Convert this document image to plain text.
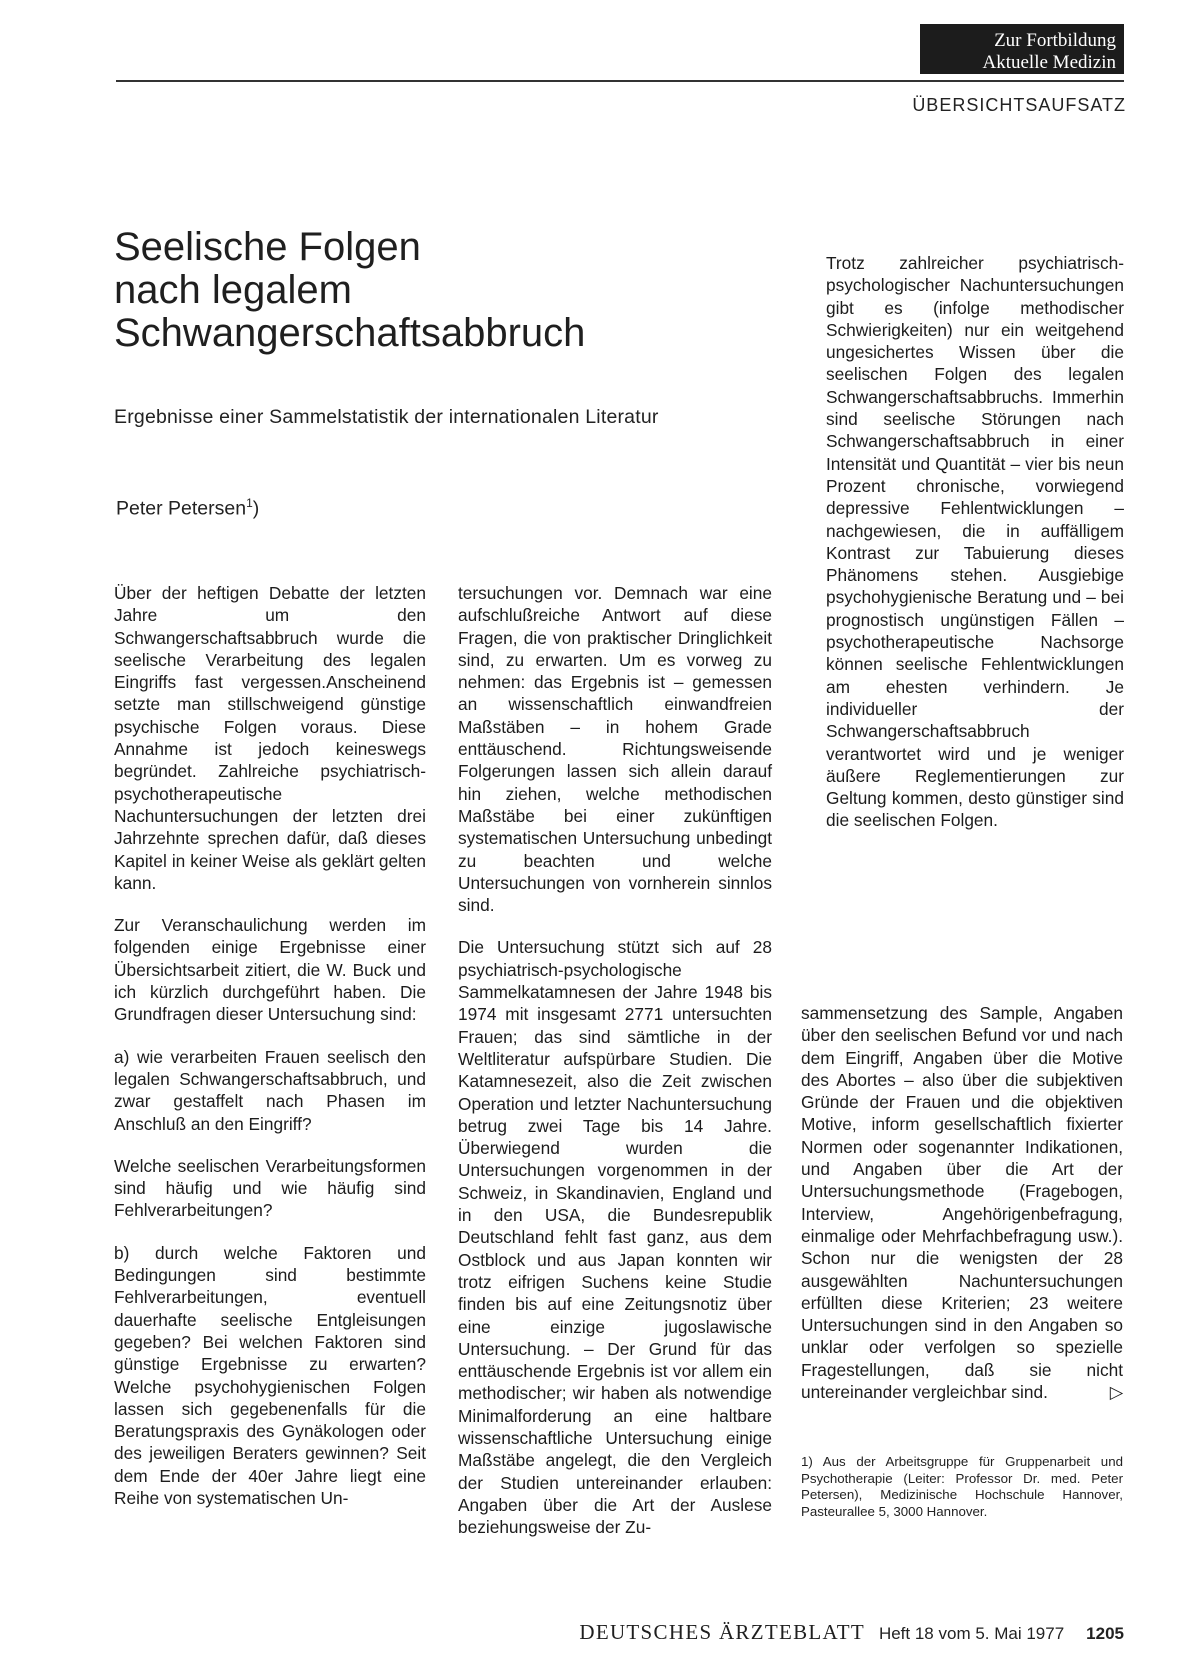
Zur Fortbildung
Aktuelle Medizin
ÜBERSICHTSAUFSATZ
Seelische Folgen
nach legalem
Schwangerschaftsabbruch
Ergebnisse einer Sammelstatistik der internationalen Literatur
Peter Petersen$^1$)

Über der heftigen Debatte der letzten Jahre um den Schwangerschaftsabbruch wurde die seelische Verarbeitung des legalen Eingriffs fast vergessen.Anscheinend setzte man stillschweigend günstige psychische Folgen voraus. Diese Annahme ist jedoch keineswegs begründet. Zahlreiche psychiatrisch-psychotherapeutische Nachuntersuchungen der letzten drei Jahrzehnte sprechen dafür, daß dieses Kapitel in keiner Weise als geklärt gelten kann.

Zur Veranschaulichung werden im folgenden einige Ergebnisse einer Übersichtsarbeit zitiert, die W. Buck und ich kürzlich durchgeführt haben. Die Grundfragen dieser Untersuchung sind:

a) wie verarbeiten Frauen seelisch den legalen Schwangerschaftsabbruch, und zwar gestaffelt nach Phasen im Anschluß an den Eingriff?

Welche seelischen Verarbeitungsformen sind häufig und wie häufig sind Fehlverarbeitungen?

b) durch welche Faktoren und Bedingungen sind bestimmte Fehlverarbeitungen, eventuell dauerhafte seelische Entgleisungen gegeben? Bei welchen Faktoren sind günstige Ergebnisse zu erwarten? Welche psychohygienischen Folgen lassen sich gegebenenfalls für die Beratungspraxis des Gynäkologen oder des jeweiligen Beraters gewinnen? Seit dem Ende der 40er Jahre liegt eine Reihe von systematischen Un-

tersuchungen vor. Demnach war eine aufschlußreiche Antwort auf diese Fragen, die von praktischer Dringlichkeit sind, zu erwarten. Um es vorweg zu nehmen: das Ergebnis ist – gemessen an wissenschaftlich einwandfreien Maßstäben – in hohem Grade enttäuschend. Richtungsweisende Folgerungen lassen sich allein darauf hin ziehen, welche methodischen Maßstäbe bei einer zukünftigen systematischen Untersuchung unbedingt zu beachten und welche Untersuchungen von vornherein sinnlos sind.

Die Untersuchung stützt sich auf 28 psychiatrisch-psychologische Sammelkatamnesen der Jahre 1948 bis 1974 mit insgesamt 2771 untersuchten Frauen; das sind sämtliche in der Weltliteratur aufspürbare Studien. Die Katamnesezeit, also die Zeit zwischen Operation und letzter Nachuntersuchung betrug zwei Tage bis 14 Jahre. Überwiegend wurden die Untersuchungen vorgenommen in der Schweiz, in Skandinavien, England und in den USA, die Bundesrepublik Deutschland fehlt fast ganz, aus dem Ostblock und aus Japan konnten wir trotz eifrigen Suchens keine Studie finden bis auf eine Zeitungsnotiz über eine einzige jugoslawische Untersuchung. – Der Grund für das enttäuschende Ergebnis ist vor allem ein methodischer; wir haben als notwendige Minimalforderung an eine haltbare wissenschaftliche Untersuchung einige Maßstäbe angelegt, die den Vergleich der Studien untereinander erlauben: Angaben über die Art der Auslese beziehungsweise der Zu-

Trotz zahlreicher psychiatrisch-psychologischer Nachuntersuchungen gibt es (infolge methodischer Schwierigkeiten) nur ein weitgehend ungesichertes Wissen über die seelischen Folgen des legalen Schwangerschaftsabbruchs. Immerhin sind seelische Störungen nach Schwangerschaftsabbruch in einer Intensität und Quantität – vier bis neun Prozent chronische, vorwiegend depressive Fehlentwicklungen – nachgewiesen, die in auffälligem Kontrast zur Tabuierung dieses Phänomens stehen. Ausgiebige psychohygienische Beratung und – bei prognostisch ungünstigen Fällen – psychotherapeutische Nachsorge können seelische Fehlentwicklungen am ehesten verhindern. Je individueller der Schwangerschaftsabbruch verantwortet wird und je weniger äußere Reglementierungen zur Geltung kommen, desto günstiger sind die seelischen Folgen.

sammensetzung des Sample, Angaben über den seelischen Befund vor und nach dem Eingriff, Angaben über die Motive des Abortes – also über die subjektiven Gründe der Frauen und die objektiven Motive, inform gesellschaftlich fixierter Normen oder sogenannter Indikationen, und Angaben über die Art der Untersuchungsmethode (Fragebogen, Interview, Angehörigenbefragung, einmalige oder Mehrfachbefragung usw.). Schon nur die wenigsten der 28 ausgewählten Nachuntersuchungen erfüllten diese Kriterien; 23 weitere Untersuchungen sind in den Angaben so unklar oder verfolgen so spezielle Fragestellungen, daß sie nicht untereinander vergleichbar sind.	▷

1) Aus der Arbeitsgruppe für Gruppenarbeit und Psychotherapie (Leiter: Professor Dr. med. Peter Petersen), Medizinische Hochschule Hannover, Pasteurallee 5, 3000 Hannover.
DEUTSCHES ÄRZTEBLATT Heft 18 vom 5. Mai 1977 1205
